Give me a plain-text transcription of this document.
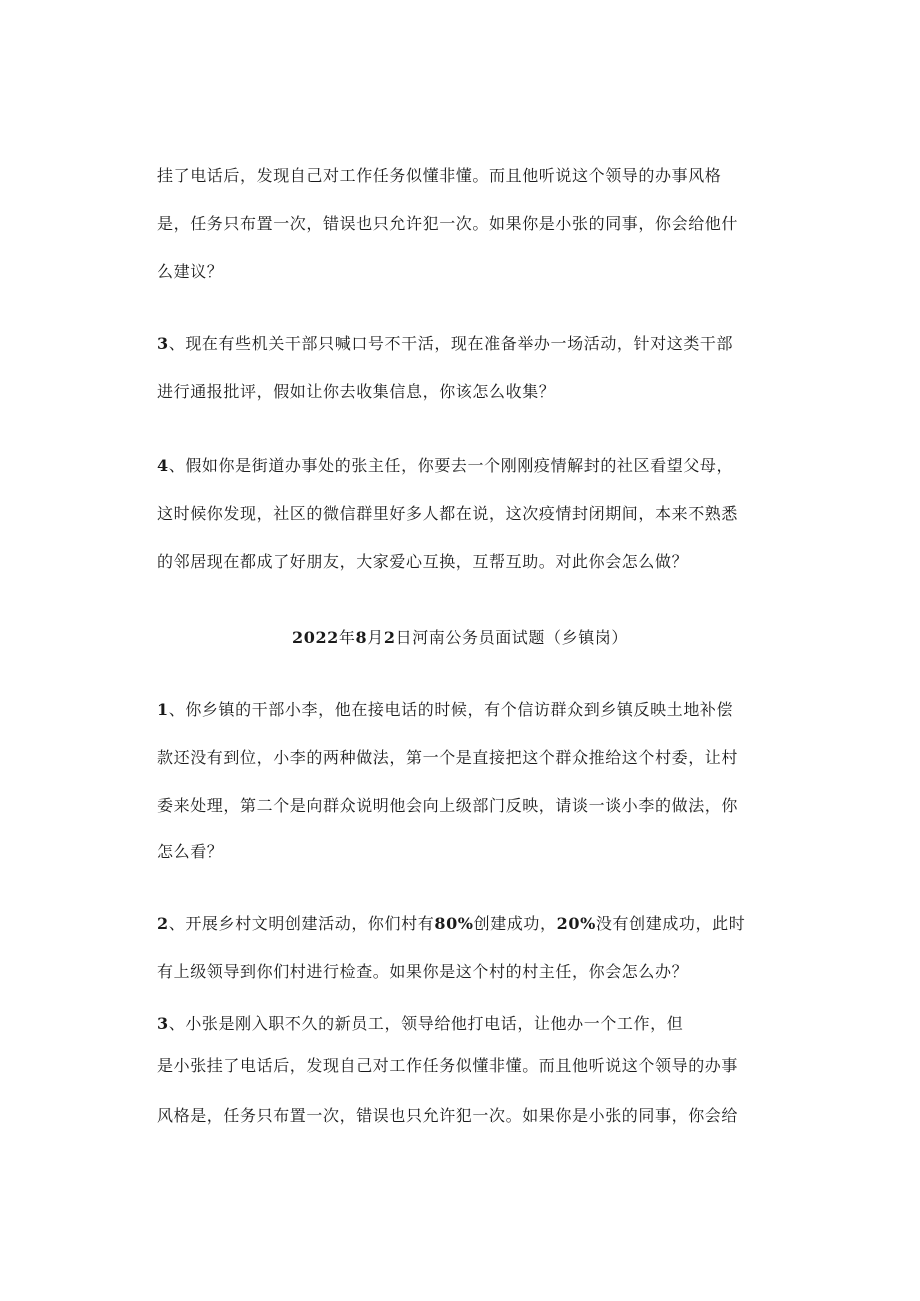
挂了电话后，发现自己对工作任务似懂非懂。而且他听说这个领导的办事风格
是，任务只布置一次，错误也只允许犯一次。如果你是小张的同事，你会给他什
么建议？
3、现在有些机关干部只喊口号不干活，现在准备举办一场活动，针对这类干部
进行通报批评，假如让你去收集信息，你该怎么收集？
4、假如你是街道办事处的张主任，你要去一个刚刚疫情解封的社区看望父母，
这时候你发现，社区的微信群里好多人都在说，这次疫情封闭期间，本来不熟悉
的邻居现在都成了好朋友，大家爱心互换，互帮互助。对此你会怎么做？
2022年8月2日河南公务员面试题（乡镇岗）
1、你乡镇的干部小李，他在接电话的时候，有个信访群众到乡镇反映土地补偿
款还没有到位，小李的两种做法，第一个是直接把这个群众推给这个村委，让村
委来处理，第二个是向群众说明他会向上级部门反映，请谈一谈小李的做法，你
怎么看？
2、开展乡村文明创建活动，你们村有80%创建成功，20%没有创建成功，此时
有上级领导到你们村进行检查。如果你是这个村的村主任，你会怎么办？
3、小张是刚入职不久的新员工，领导给他打电话，让他办一个工作，但
是小张挂了电话后，发现自己对工作任务似懂非懂。而且他听说这个领导的办事
风格是，任务只布置一次，错误也只允许犯一次。如果你是小张的同事，你会给
